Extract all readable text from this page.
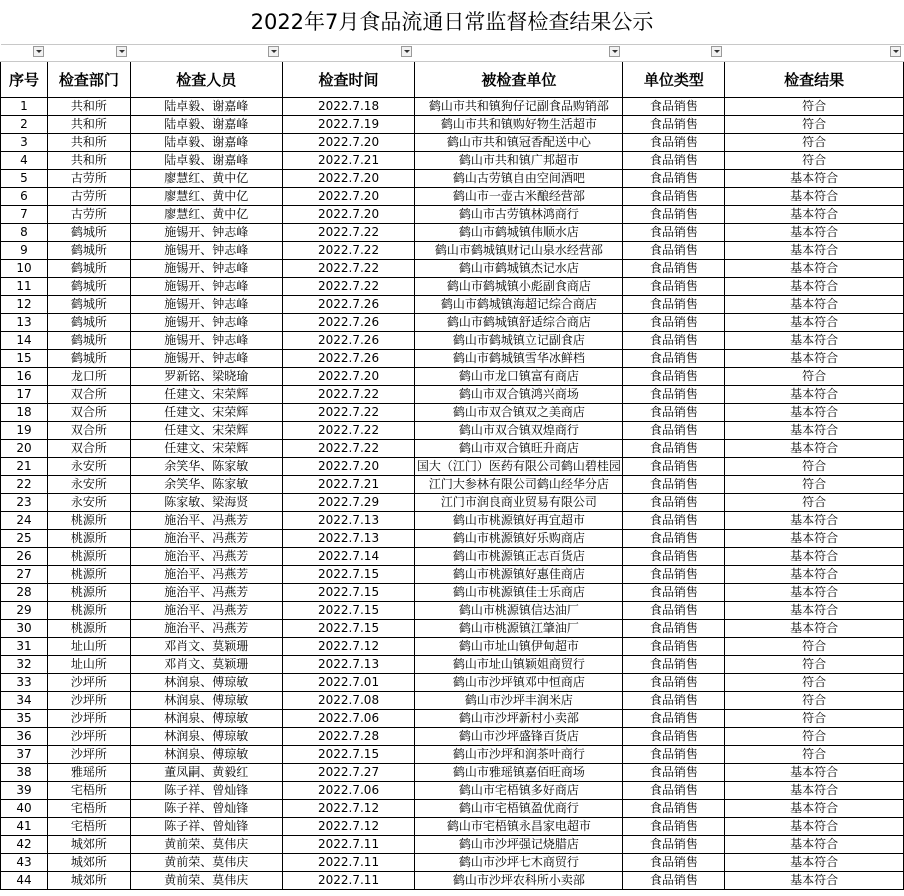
2022年7月食品流通日常监督检查结果公示

序号	检查部门	检查人员	检查时间	被检查单位	单位类型	检查结果
1	共和所	陆卓毅、谢嘉峰	2022.7.18	鹤山市共和镇狗仔记副食品购销部	食品销售	符合
2	共和所	陆卓毅、谢嘉峰	2022.7.19	鹤山市共和镇购好物生活超市	食品销售	符合
3	共和所	陆卓毅、谢嘉峰	2022.7.20	鹤山市共和镇冠香配送中心	食品销售	符合
4	共和所	陆卓毅、谢嘉峰	2022.7.21	鹤山市共和镇广邦超市	食品销售	符合
5	古劳所	廖慧红、黄中亿	2022.7.20	鹤山古劳镇自由空间酒吧	食品销售	基本符合
6	古劳所	廖慧红、黄中亿	2022.7.20	鹤山市一壶古米酿经营部	食品销售	基本符合
7	古劳所	廖慧红、黄中亿	2022.7.20	鹤山市古劳镇林鸿商行	食品销售	基本符合
8	鹤城所	施锡开、钟志峰	2022.7.22	鹤山市鹤城镇伟顺水店	食品销售	基本符合
9	鹤城所	施锡开、钟志峰	2022.7.22	鹤山市鹤城镇财记山泉水经营部	食品销售	基本符合
10	鹤城所	施锡开、钟志峰	2022.7.22	鹤山市鹤城镇杰记水店	食品销售	基本符合
11	鹤城所	施锡开、钟志峰	2022.7.22	鹤山市鹤城镇小彪副食商店	食品销售	基本符合
12	鹤城所	施锡开、钟志峰	2022.7.26	鹤山市鹤城镇海超记综合商店	食品销售	基本符合
13	鹤城所	施锡开、钟志峰	2022.7.26	鹤山市鹤城镇舒适综合商店	食品销售	基本符合
14	鹤城所	施锡开、钟志峰	2022.7.26	鹤山市鹤城镇立记副食店	食品销售	基本符合
15	鹤城所	施锡开、钟志峰	2022.7.26	鹤山市鹤城镇雪华冰鲜档	食品销售	基本符合
16	龙口所	罗新铭、梁晓瑜	2022.7.20	鹤山市龙口镇富有商店	食品销售	符合
17	双合所	任建文、宋荣辉	2022.7.22	鹤山市双合镇鸿兴商场	食品销售	基本符合
18	双合所	任建文、宋荣辉	2022.7.22	鹤山市双合镇双之美商店	食品销售	基本符合
19	双合所	任建文、宋荣辉	2022.7.22	鹤山市双合镇双煌商行	食品销售	基本符合
20	双合所	任建文、宋荣辉	2022.7.22	鹤山市双合镇旺升商店	食品销售	基本符合
21	永安所	余笑华、陈家敏	2022.7.20	国大（江门）医药有限公司鹤山碧桂园	食品销售	符合
22	永安所	余笑华、陈家敏	2022.7.21	江门大参林有限公司鹤山经华分店	食品销售	符合
23	永安所	陈家敏、梁海贤	2022.7.29	江门市润良商业贸易有限公司	食品销售	符合
24	桃源所	施治平、冯燕芳	2022.7.13	鹤山市桃源镇好再宜超市	食品销售	基本符合
25	桃源所	施治平、冯燕芳	2022.7.13	鹤山市桃源镇好乐购商店	食品销售	基本符合
26	桃源所	施治平、冯燕芳	2022.7.14	鹤山市桃源镇正志百货店	食品销售	基本符合
27	桃源所	施治平、冯燕芳	2022.7.15	鹤山市桃源镇好惠佳商店	食品销售	基本符合
28	桃源所	施治平、冯燕芳	2022.7.15	鹤山市桃源镇佳士乐商店	食品销售	基本符合
29	桃源所	施治平、冯燕芳	2022.7.15	鹤山市桃源镇信达油厂	食品销售	基本符合
30	桃源所	施治平、冯燕芳	2022.7.15	鹤山市桃源镇江肇油厂	食品销售	基本符合
31	址山所	邓肖文、莫颖珊	2022.7.12	鹤山市址山镇伊甸超市	食品销售	符合
32	址山所	邓肖文、莫颖珊	2022.7.13	鹤山市址山镇颖姐商贸行	食品销售	符合
33	沙坪所	林润泉、傅琼敏	2022.7.01	鹤山市沙坪镇邓中恒商店	食品销售	符合
34	沙坪所	林润泉、傅琼敏	2022.7.08	鹤山市沙坪丰润米店	食品销售	符合
35	沙坪所	林润泉、傅琼敏	2022.7.06	鹤山市沙坪新村小卖部	食品销售	符合
36	沙坪所	林润泉、傅琼敏	2022.7.28	鹤山市沙坪盛锋百货店	食品销售	符合
37	沙坪所	林润泉、傅琼敏	2022.7.15	鹤山市沙坪和润茶叶商行	食品销售	符合
38	雅瑶所	董凤嗣、黄毅红	2022.7.27	鹤山市雅瑶镇嘉佰旺商场	食品销售	基本符合
39	宅梧所	陈子祥、曾灿锋	2022.7.06	鹤山市宅梧镇多好商店	食品销售	基本符合
40	宅梧所	陈子祥、曾灿锋	2022.7.12	鹤山市宅梧镇盈优商行	食品销售	基本符合
41	宅梧所	陈子祥、曾灿锋	2022.7.12	鹤山市宅梧镇永昌家电超市	食品销售	基本符合
42	城郊所	黄前荣、莫伟庆	2022.7.11	鹤山市沙坪强记烧腊店	食品销售	基本符合
43	城郊所	黄前荣、莫伟庆	2022.7.11	鹤山市沙坪七木商贸行	食品销售	基本符合
44	城郊所	黄前荣、莫伟庆	2022.7.11	鹤山市沙坪农科所小卖部	食品销售	基本符合
